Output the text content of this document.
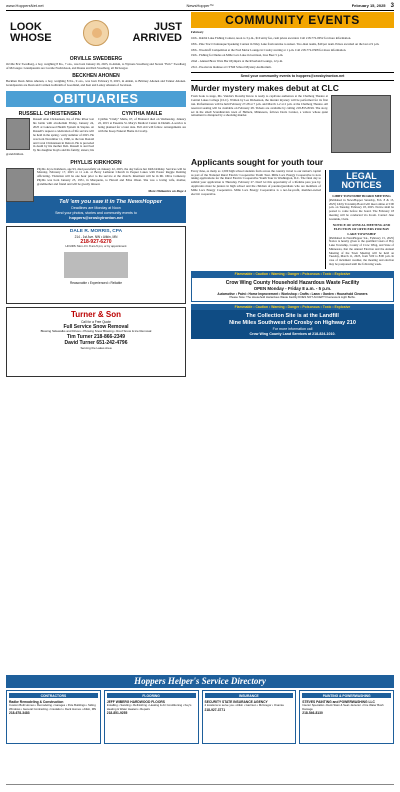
www.HoppersNet.net	NewsHopper™	February 15, 2025 3
LOOK WHOSE
JUST ARRIVED
ORVILLE SWEDBERG
Orville Eric Swedberg, a boy, weighing 8 lbs., 7 ozs., was born January 26, 2025, in Aitkin, to Wynona Swedberg and Steven "Erric" Swedberg of McGregor. Grandparents are Coralie Fredrickson, and Duane and Deb Swedberg, all McGregor.
BECKHEN AHONEN
Beckhen Dean Julius Ahonen, a boy, weighing 8 lbs., 9 ozs., was born February 8, 2025, in Aitkin, to Brittney Ahonen and Tanner Ahonen. Grandparents are Dean and Carmen Galbraith of Goodland, and Ken and Lesley Ahonen of Jacobson.
OBITUARIES
RUSSELL CHRISTENSEN
Russell Alan Christensen, 64, of Pine River lost his battle with alcoholism Friday, January 24, 2025 at Lakewood Health System in Staples. At Russell's request a celebration of life service will be held in the spring / early summer of 2025. He was born November 11, 1960, to the late Donald and Carol Christensen in Detroit. He is preceded in death by his mother Deb. Russell is survived by his daughter Kayla and his family; sisters; his grandchildren.
CYNTHIA MAILE
Cynthia "Cindy" Maile, 67, of Brainerd died on Wednesday, January 22, 2015 at Essentia St. Mary's Medical Center in Duluth. A service is being planned for a later date. Full obit will follow. Arrangements are with the Koop Funeral Home in Crosby.
PHYLLIS KIRKHORN
Phyllis Joyce Kirkhorn, age 93, died peacefully on January 22, 2025, the day before her 94th birthday. Services will be Monday, February 17, 2025 at 11 a.m. at Berry Lutheran Church in Pequot Lakes with Pastor Reggie Deming officiating. Visitation will be one hour prior to the service at the church. Interment will be in Mt. Olive Cemetery. Phyllis was born January 23, 1931, in Marquette, to Harold and Edna Olson. She was a loving wife, mother, grandmother and friend and will be greatly missed.
More Obituaries on Page 4
Tell 'em you saw it in The NewsHopper
Deadlines are Monday at Noon
Send your photos, stories and community events to
hoppers@crosbyironton.net
DALE R. MORRIS, CPA
214 - 1st Ave. NW • Aitkin, MN
218-927-6270
HOURS: Mon.-Fri. 8 am-5 pm, or by appointment
Reasonable • Experienced • Reliable
Turner & Son
Call for a Free Quote
Full Service Snow Removal
Blowing Sidewalks and Drives • Plowing Snow Blowing • Roof Snow & Ice Removal
Tim Turner 218-866-2349
David Turner 651-242-4796
Serving the Lakes Area
COMMUNITY EVENTS
February
16th - Rabbit Lake Fishing Contest, noon to 3 p.m., $10 entry fee, cash prizes awarded. Call 218-772-0052 for more information.
18th - Pine Tract Clantuuque Speaking Contest in Ndey Lake from sunrise to sunset. Two-man teams, $40 per team. Prizes awarded on the last at 9 p.m.
18th - Woodruff Competition at the Fred Molar Lounge in Crosby starting at 1 p.m. Call 218-772-0308 for more information.
19th - Fishing for Dudes on Mille Lacs Lake in Garrison, Lisa Beer 5 p.m.
22nd - Annual Brew Wars Bar Olympics at the Riverland Lounge, 12 p.m.
23rd - Pre-movie matinee at CYSM School Mystery Auditorium.
Send your community events to hoppers@crosbyironton.net
Murder mystery makes debut at CLC
From book to stage, Ms. Vandra's Dorothy Know is ready to captivate audiences at the Chalberg Theatre at Central Lakes College (CLC). Written by Lee Dickenson, the murder mystery will be performed for its first run. Performances will be held February 27-28 at 7 p.m. and March 1-2 at 2 p.m. at the Chalberg Theatre. All reserved seating will be available on February 28. Tickets are available by calling 218-855-8199. The story, set in the small Scandinavian town of Halleck, Minnesota, follows Doris Connor, a widow whose quiet retirement is disrupted by a shocking murder.
Applicants sought for youth tour
Every June, as many as 1,500 high school students from across the country travel to our nation's capital as part of the National Rural Electric Cooperative Youth Tour. Mille Lacs Energy Cooperative is now taking applications for the Rural Electric Cooperative Youth Tour in Washington, D.C. The final day to submit your application is Thursday, February 27. Don't let this opportunity of a lifetime pass you by. Applicants must be juniors in high school and the children of parents/guardians who are members of Mille Lacs Energy Cooperative. Mille Lacs Energy Cooperative is a not-for-profit, member-owned electric cooperative.
LEGAL NOTICES
LIBBY TOWNSHIP BOARD MEETING
(Published in NewsHopper Saturday, Feb. 8 & 15, 2025) Libby Township Board will meet online at 5:00 p.m. on Tuesday, February 18, 2025. Notice shall be posted to come before the board. The February 18 meeting will be conducted via Zoom. Contact Jane Greskiuk, Clerk.
NOTICE OF ANNUAL MEETING AND ELECTION OF OFFICERS FOR BAY LAKE TOWNSHIP
(Published in NewsHopper Sat., February 15, 2025) Notice is hereby given to the qualified voters of Bay Lake Township, County of Crow Wing, and State of Minnesota, that the Annual Election and the Annual Meeting of the Town Meeting will be held on Tuesday, March 11, 2025, from 5:00 to 8:00 p.m. In case of inclement weather, the meeting and election may be postponed until the following week.
Flammable • Caution • Warning • Danger • Poisonous • Toxic • Explosive
Crow Wing County Household Hazardous Waste Facility
OPEN Monday - Friday 8 a.m. - 5 p.m.
Automotive • Paint • Home Improvement • Workshop • Crafts • Lawn • Garden • Household Cleaners
Please Note: The Household Hazardous Waste Facility DOES NOT ACCEPT Fluorescent Light Bulbs.
Flammable • Caution • Warning • Danger • Poisonous • Toxic • Explosive
The Collection Site is at the Landfill
Nine Miles Southwest of Crosby on Highway 210
For more information call
Crow Wing County Land Services at 218-824-1010.
Hoppers Helper's Service Directory
CONTRACTORS
Radke Remodeling & Construction
Custom Built Homes • Remodeling • Garages • Pole Buildings • Siding Windows • General Contracting • Insulation • Deck Homes • Aitkin, MN
218-678-3483
FLOORING
JEFF WIBERG HARDWOOD FLOORS
Installing • Sanding • Refinishing • Heating & Air Conditioning • Key's Heating & Water Heaters • Repairs
218-851-9255
INSURANCE
SECURITY STATE INSURANCE AGENCY
4 locations to serve you • Aitkin • Garrison • McGregor • Onamia
218-927-3771
PAINTING & POWERWASHING
STEVES PAINTING and POWERWASHING LLC
Interior Specialist • Deck Stain & Seal • Exterior • Fire Water Bush Damage
218-546-8130
